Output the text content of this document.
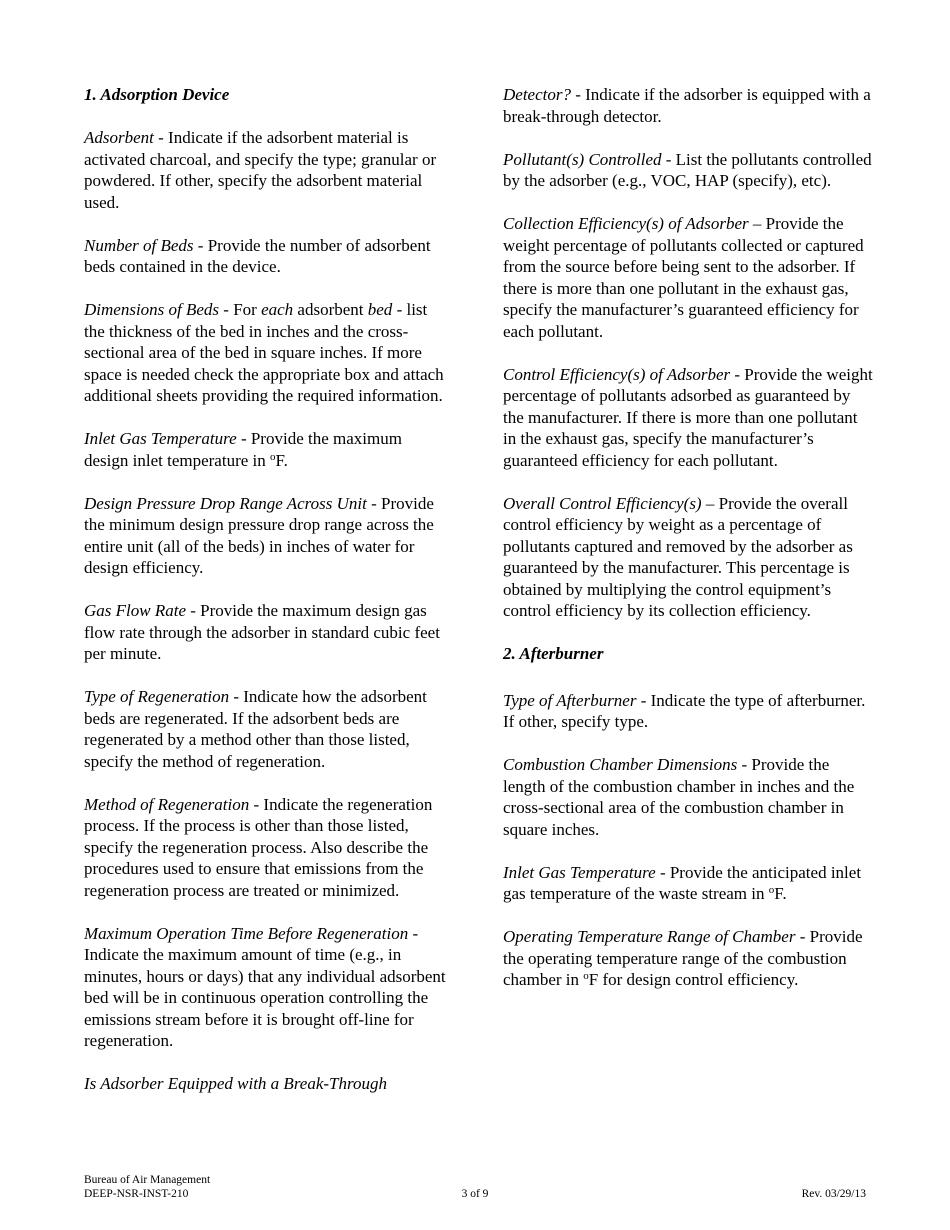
1. Adsorption Device

Adsorbent - Indicate if the adsorbent material is activated charcoal, and specify the type; granular or powdered. If other, specify the adsorbent material used.

Number of Beds - Provide the number of adsorbent beds contained in the device.

Dimensions of Beds - For each adsorbent bed - list the thickness of the bed in inches and the cross-sectional area of the bed in square inches. If more space is needed check the appropriate box and attach additional sheets providing the required information.

Inlet Gas Temperature - Provide the maximum design inlet temperature in $^o$F.

Design Pressure Drop Range Across Unit - Provide the minimum design pressure drop range across the entire unit (all of the beds) in inches of water for design efficiency.

Gas Flow Rate - Provide the maximum design gas flow rate through the adsorber in standard cubic feet per minute.

Type of Regeneration - Indicate how the adsorbent beds are regenerated. If the adsorbent beds are regenerated by a method other than those listed, specify the method of regeneration.

Method of Regeneration - Indicate the regeneration process. If the process is other than those listed, specify the regeneration process. Also describe the procedures used to ensure that emissions from the regeneration process are treated or minimized.

Maximum Operation Time Before Regeneration - Indicate the maximum amount of time (e.g., in minutes, hours or days) that any individual adsorbent bed will be in continuous operation controlling the emissions stream before it is brought off-line for regeneration.

Is Adsorber Equipped with a Break-Through

Detector? - Indicate if the adsorber is equipped with a break-through detector.

Pollutant(s) Controlled - List the pollutants controlled by the adsorber (e.g., VOC, HAP (specify), etc).

Collection Efficiency(s) of Adsorber – Provide the weight percentage of pollutants collected or captured from the source before being sent to the adsorber. If there is more than one pollutant in the exhaust gas, specify the manufacturer’s guaranteed efficiency for each pollutant.

Control Efficiency(s) of Adsorber - Provide the weight percentage of pollutants adsorbed as guaranteed by the manufacturer. If there is more than one pollutant in the exhaust gas, specify the manufacturer’s guaranteed efficiency for each pollutant.

Overall Control Efficiency(s) – Provide the overall control efficiency by weight as a percentage of pollutants captured and removed by the adsorber as guaranteed by the manufacturer. This percentage is obtained by multiplying the control equipment’s control efficiency by its collection efficiency.

2. Afterburner

Type of Afterburner - Indicate the type of afterburner. If other, specify type.

Combustion Chamber Dimensions - Provide the length of the combustion chamber in inches and the cross-sectional area of the combustion chamber in square inches.

Inlet Gas Temperature - Provide the anticipated inlet gas temperature of the waste stream in $^o$F.

Operating Temperature Range of Chamber - Provide the operating temperature range of the combustion chamber in $^o$F for design control efficiency.

Bureau of Air Management
DEEP-NSR-INST-210	Rev. 03/29/13
3 of 9
